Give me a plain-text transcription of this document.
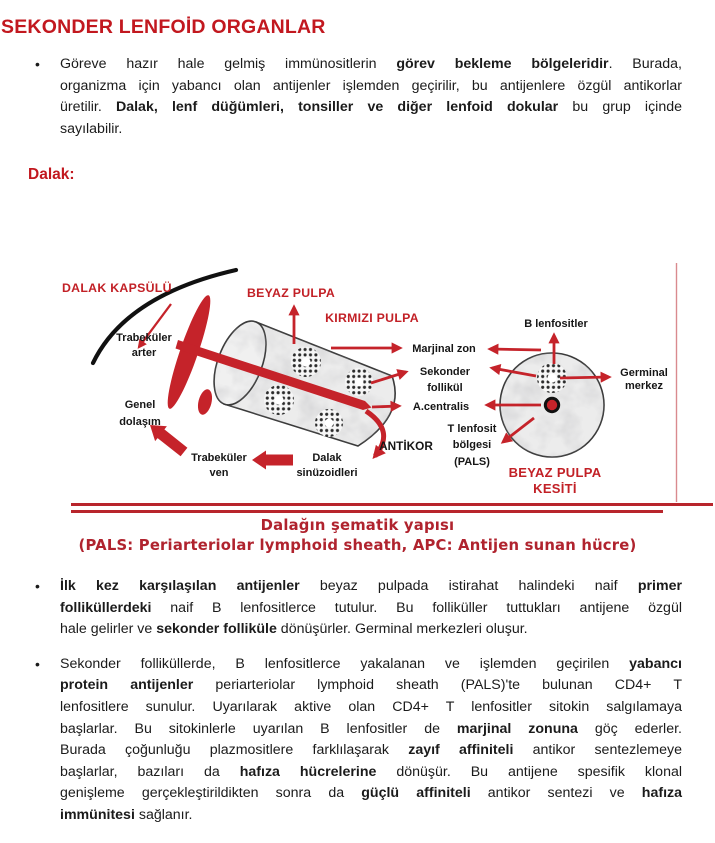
SEKONDER LENFOİD ORGANLAR
•	Göreve hazır hale gelmiş immünositlerin görev bekleme bölgeleridir. Burada,
organizma için yabancı olan antijenler işlemden geçirilir, bu antijenlere özgül antikorlar
üretilir. Dalak, lenf düğümleri, tonsiller ve diğer lenfoid dokular bu grup içinde
sayılabilir.
Dalak:
DALAK KAPSÜLÜ	BEYAZ PULPA
KIRMIZI PULPA
BEYAZ PULPA
KESİTİ
Trabeküler
arter
Genel
dolaşım
Trabeküler
ven
Dalak
sinüzoidleri
ANTİKOR
Marjinal zon
Sekonder
follikül
A.centralis
T lenfosit
bölgesi
(PALS)
B lenfositler
Germinal
merkez
Dalağın şematik yapısı
(PALS: Periarteriolar lymphoid sheath, APC: Antijen sunan hücre)
•	İlk kez karşılaşılan antijenler beyaz pulpada istirahat halindeki naif primer
folliküllerdeki naif B lenfositlerce tutulur. Bu folliküller tuttukları antijene özgül
hale gelirler ve sekonder folliküle dönüşürler. Germinal merkezleri oluşur.
•	Sekonder folliküllerde, B lenfositlerce yakalanan ve işlemden geçirilen yabancı
protein antijenler periarteriolar lymphoid sheath (PALS)'te bulunan CD4+ T
lenfositlere sunulur. Uyarılarak aktive olan CD4+ T lenfositler sitokin salgılamaya
başlarlar. Bu sitokinlerle uyarılan B lenfositler de marjinal zonuna göç ederler.
Burada çoğunluğu plazmositlere farklılaşarak zayıf affiniteli antikor sentezlemeye
başlarlar, bazıları da hafıza hücrelerine dönüşür. Bu antijene spesifik klonal
genişleme gerçekleştirildikten sonra da güçlü affiniteli antikor sentezi ve hafıza
immünitesi sağlanır.
